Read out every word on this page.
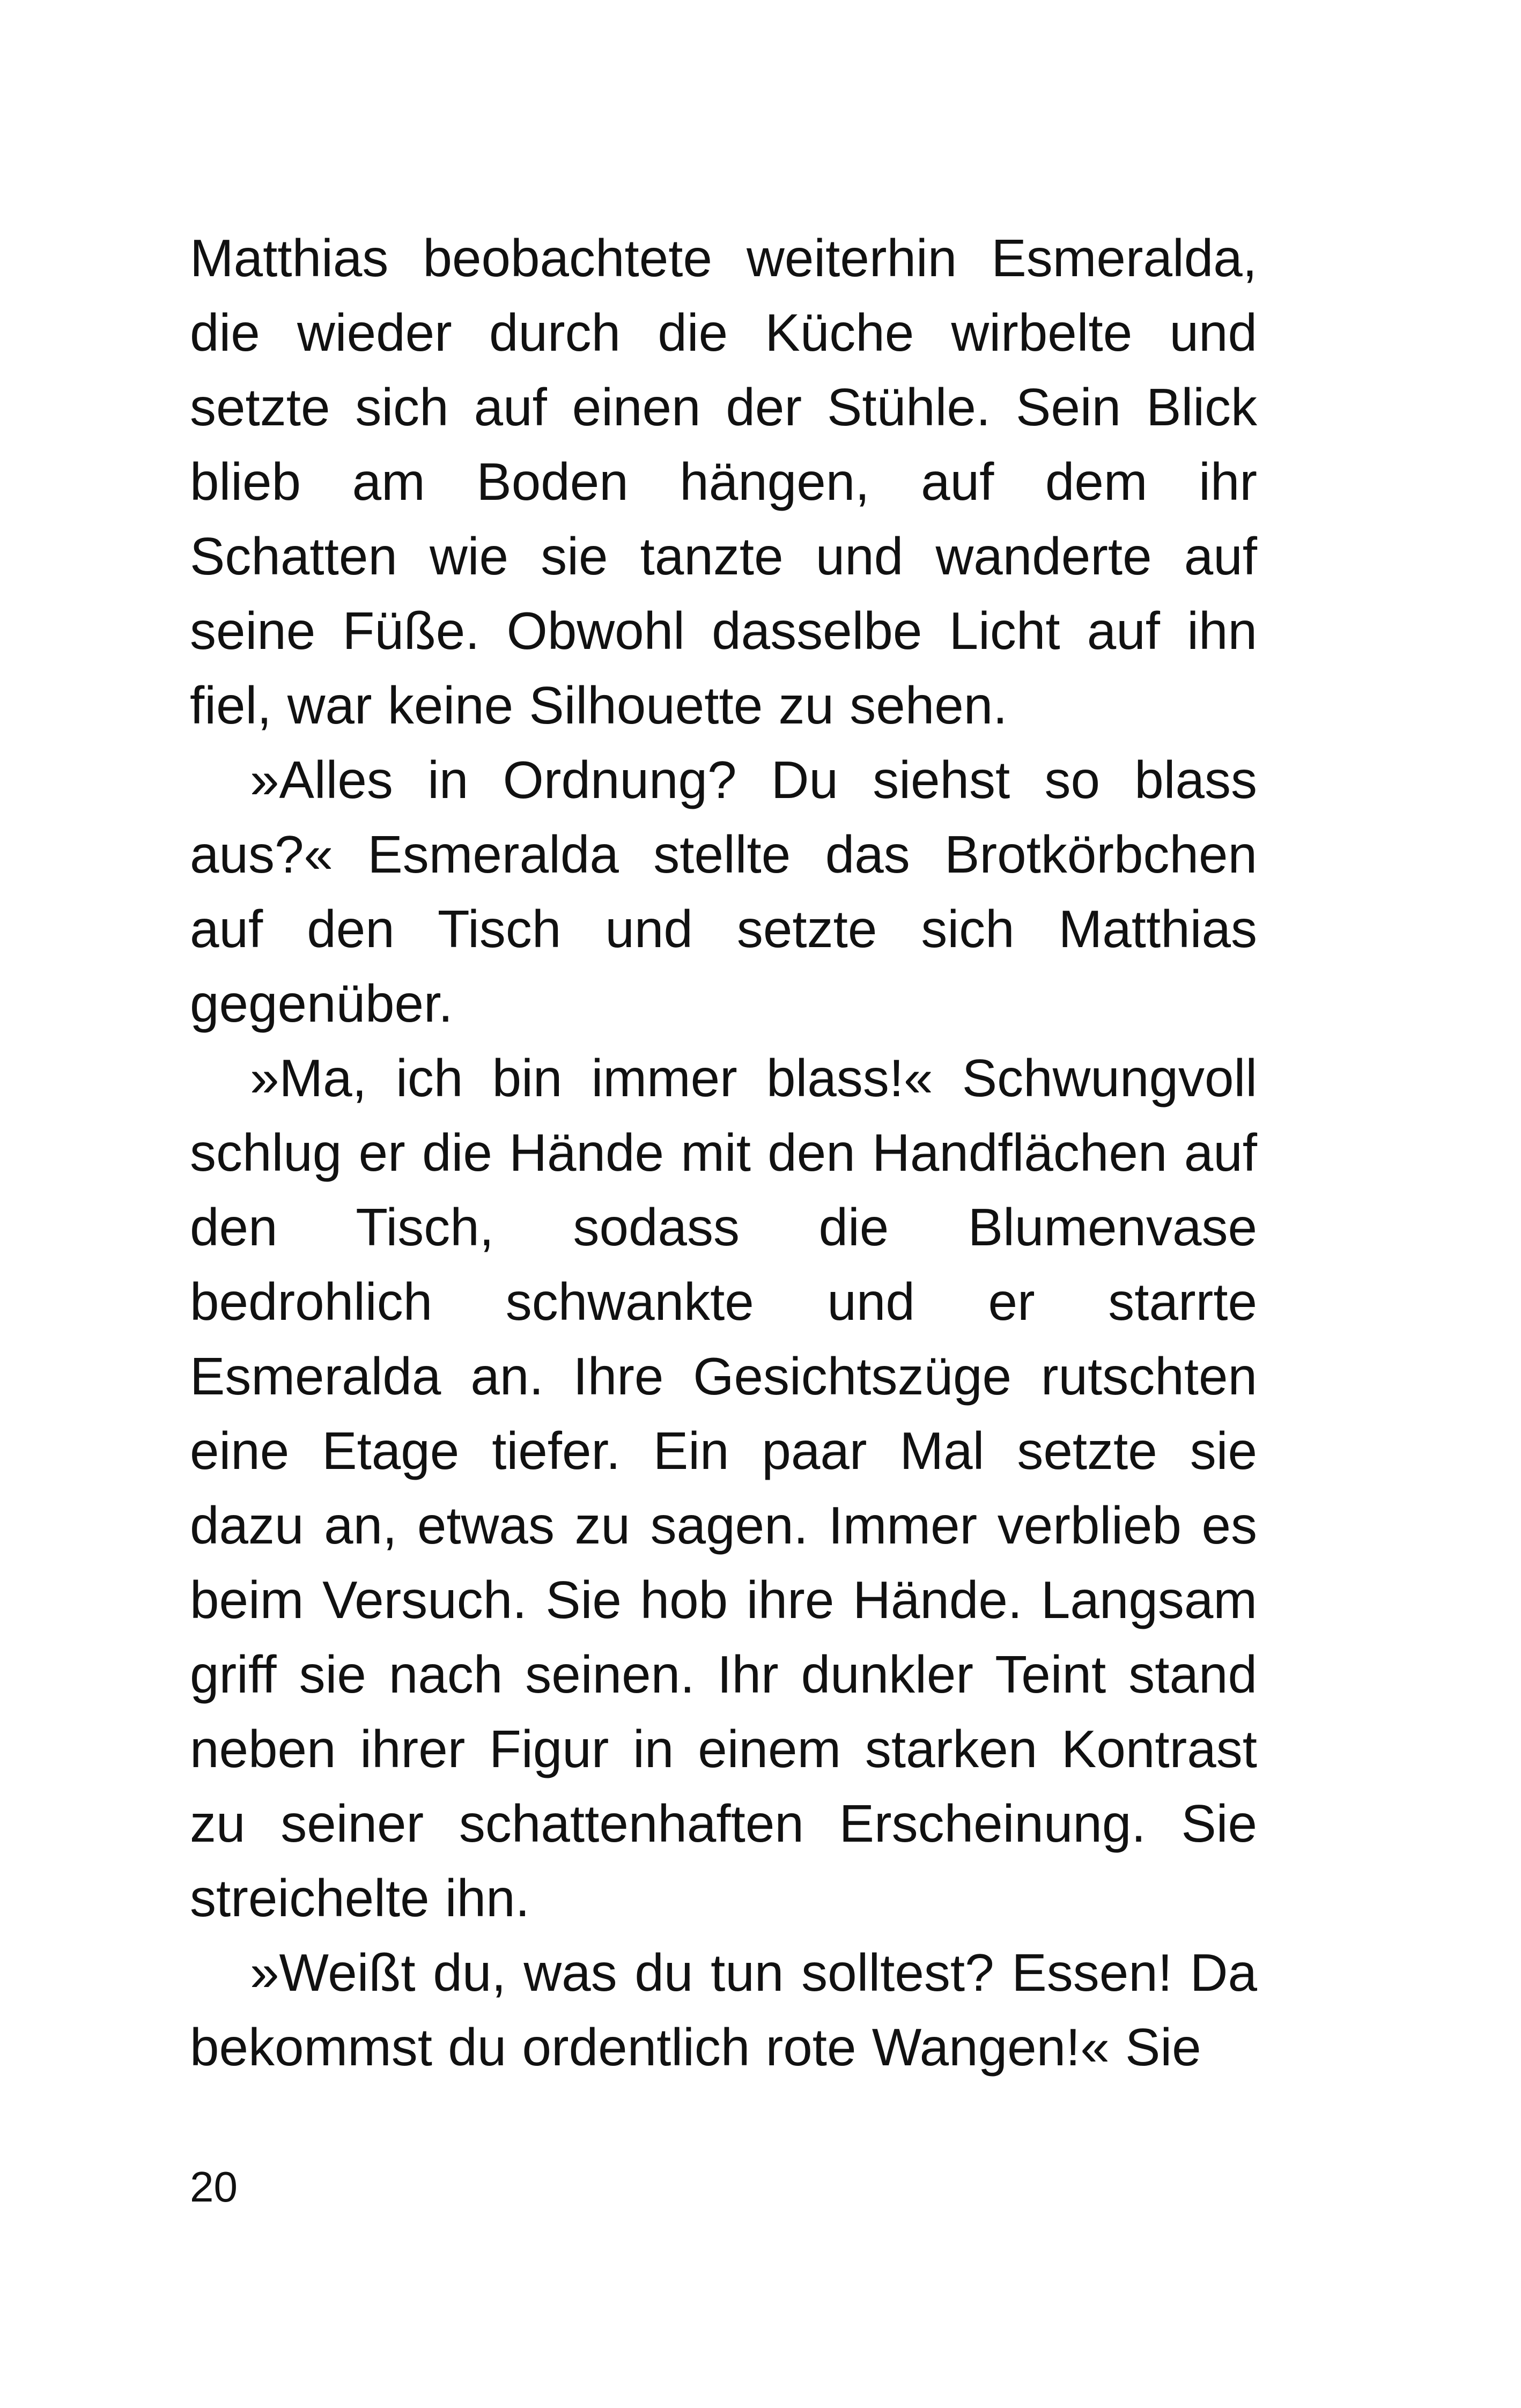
Matthias beobachtete weiterhin Esmeralda, die wieder durch die Küche wirbelte und setzte sich auf einen der Stühle. Sein Blick blieb am Boden hängen, auf dem ihr Schatten wie sie tanzte und wanderte auf seine Füße. Obwohl dasselbe Licht auf ihn fiel, war keine Silhouette zu sehen.

»Alles in Ordnung? Du siehst so blass aus?« Esmeralda stellte das Brotkörbchen auf den Tisch und setzte sich Matthias gegenüber.

»Ma, ich bin immer blass!« Schwungvoll schlug er die Hände mit den Handflächen auf den Tisch, sodass die Blumenvase bedrohlich schwankte und er starrte Esmeralda an. Ihre Gesichtszüge rutschten eine Etage tiefer. Ein paar Mal setzte sie dazu an, etwas zu sagen. Immer verblieb es beim Versuch. Sie hob ihre Hände. Langsam griff sie nach seinen. Ihr dunkler Teint stand neben ihrer Figur in einem starken Kontrast zu seiner schattenhaften Erscheinung. Sie streichelte ihn.

»Weißt du, was du tun solltest? Essen! Da bekommst du ordentlich rote Wangen!« Sie

20
